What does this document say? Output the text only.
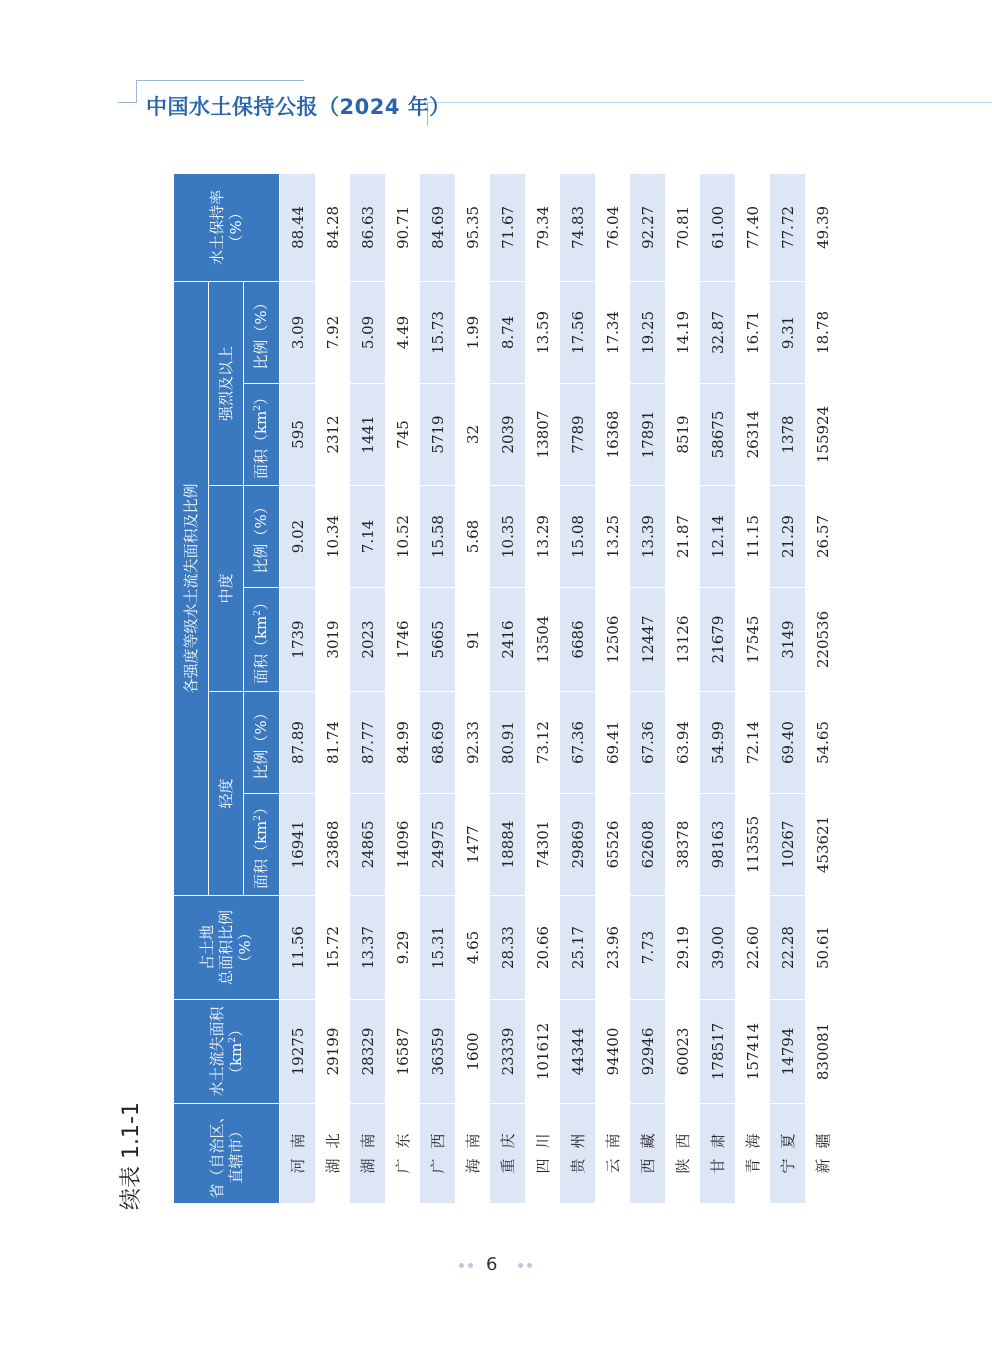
中国水土保持公报（2024 年）
续表 1.1-1	省（自治区、直辖市）	水土流失面积
$(km^2)$	占土地
总面积比例
（%）	各强度等级水土流失面积及比例						水土保持率
（%）
			轻度		中度		强烈及以上		
			面积$(km^2)$	比例（%）	面积$(km^2)$	比例（%）	面积$(km^2)$	比例（%）	
河南	19275	11.56	16941	87.89	1739	9.02	595	3.09	88.44
湖北	29199	15.72	23868	81.74	3019	10.34	2312	7.92	84.28
湖南	28329	13.37	24865	87.77	2023	7.14	1441	5.09	86.63
广东	16587	9.29	14096	84.99	1746	10.52	745	4.49	90.71
广西	36359	15.31	24975	68.69	5665	15.58	5719	15.73	84.69
海南	1600	4.65	1477	92.33	91	5.68	32	1.99	95.35
重庆	23339	28.33	18884	80.91	2416	10.35	2039	8.74	71.67
四川	101612	20.66	74301	73.12	13504	13.29	13807	13.59	79.34
贵州	44344	25.17	29869	67.36	6686	15.08	7789	17.56	74.83
云南	94400	23.96	65526	69.41	12506	13.25	16368	17.34	76.04
西藏	92946	7.73	62608	67.36	12447	13.39	17891	19.25	92.27
陕西	60023	29.19	38378	63.94	13126	21.87	8519	14.19	70.81
甘肃	178517	39.00	98163	54.99	21679	12.14	58675	32.87	61.00
青海	157414	22.60	113555	72.14	17545	11.15	26314	16.71	77.40
宁夏	14794	22.28	10267	69.40	3149	21.29	1378	9.31	77.72
新疆	830081	50.61	453621	54.65	220536	26.57	155924	18.78	49.39
6
